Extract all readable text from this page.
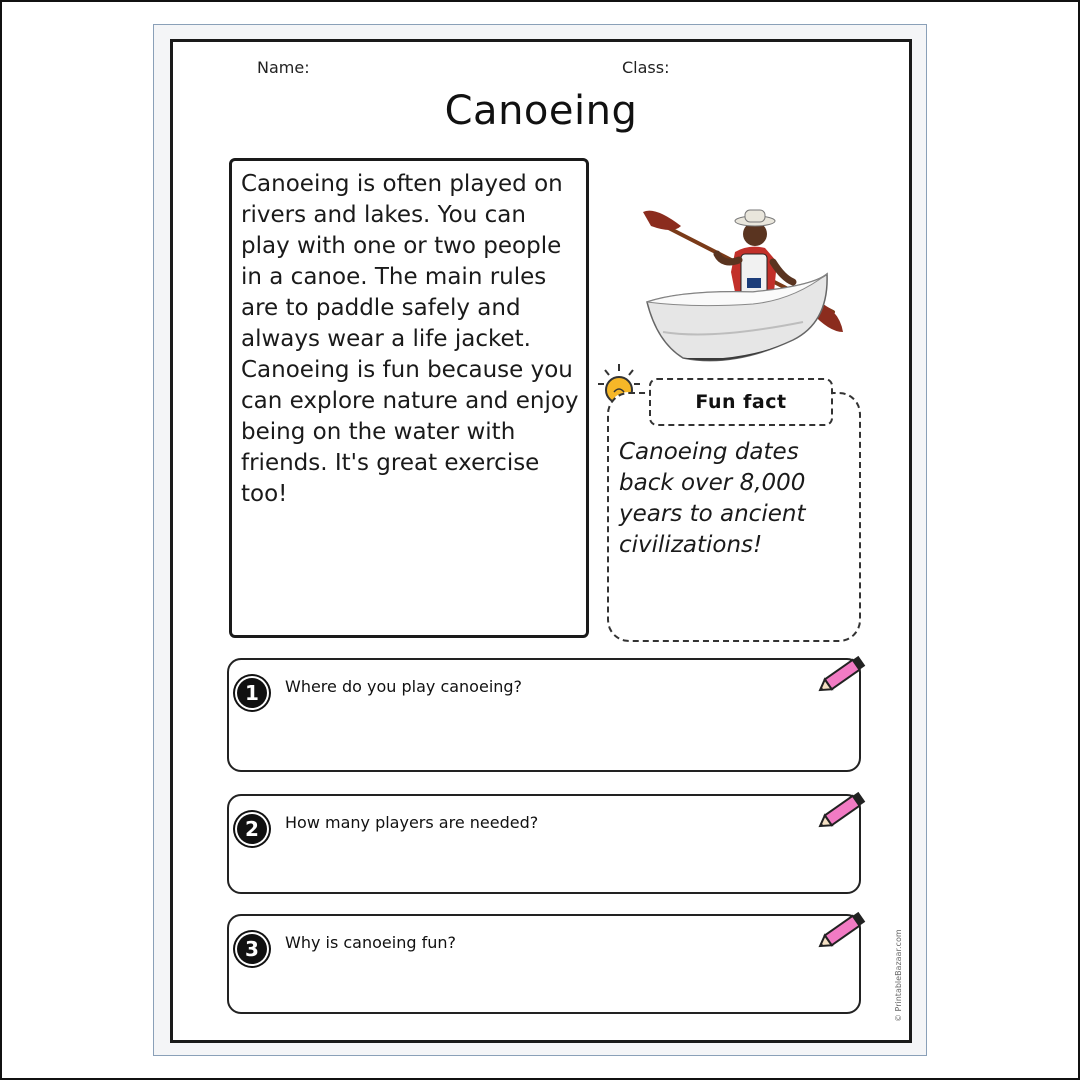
Name:	Class:
Canoeing

Canoeing is often played on rivers and lakes. You can play with one or two people in a canoe. The main rules are to paddle safely and always wear a life jacket. Canoeing is fun because you can explore nature and enjoy being on the water with friends. It's great exercise too!

Fun fact

Canoeing dates back over 8,000 years to ancient civilizations!

1	Where do you play canoeing?
2	How many players are needed?
3	Why is canoeing fun?	© PrintableBazaar.com
